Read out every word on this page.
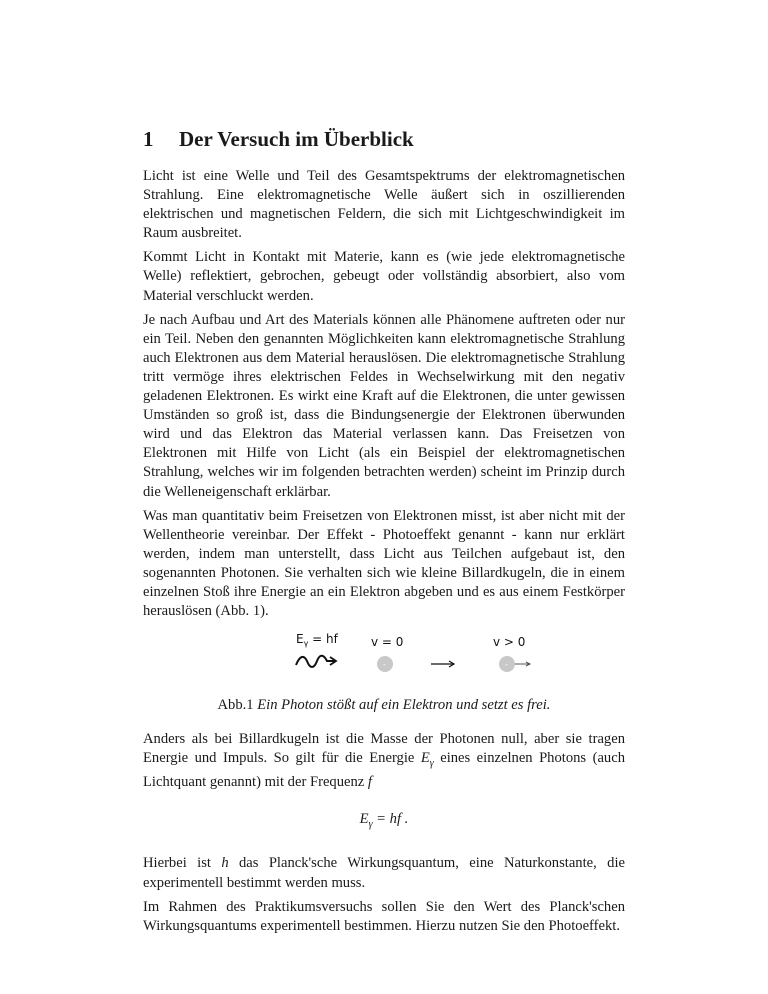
1 Der Versuch im Überblick

Licht ist eine Welle und Teil des Gesamtspektrums der elektromagnetischen Strahlung. Eine elektromagnetische Welle äußert sich in oszillierenden elektrischen und magnetischen Feldern, die sich mit Lichtgeschwindigkeit im Raum ausbreitet.

Kommt Licht in Kontakt mit Materie, kann es (wie jede elektromagnetische Welle) reflektiert, gebrochen, gebeugt oder vollständig absorbiert, also vom Material verschluckt werden.

Je nach Aufbau und Art des Materials können alle Phänomene auftreten oder nur ein Teil. Neben den genannten Möglichkeiten kann elektromagnetische Strahlung auch Elektronen aus dem Material herauslösen. Die elektromagnetische Strahlung tritt vermöge ihres elektrischen Feldes in Wechselwirkung mit den negativ geladenen Elektronen. Es wirkt eine Kraft auf die Elektronen, die unter gewissen Umständen so groß ist, dass die Bindungsenergie der Elektronen überwunden wird und das Elektron das Material verlassen kann. Das Freisetzen von Elektronen mit Hilfe von Licht (als ein Beispiel der elektromagnetischen Strahlung, welches wir im folgenden betrachten werden) scheint im Prinzip durch die Welleneigenschaft erklärbar.

Was man quantitativ beim Freisetzen von Elektronen misst, ist aber nicht mit der Wellentheorie vereinbar. Der Effekt - Photoeffekt genannt - kann nur erklärt werden, indem man unterstellt, dass Licht aus Teilchen aufgebaut ist, den sogenannten Photonen. Sie verhalten sich wie kleine Billardkugeln, die in einem einzelnen Stoß ihre Energie an ein Elektron abgeben und es aus einem Festkörper herauslösen (Abb. 1).

$E_\gamma$ = hf	v = 0
-
v > 0
-
Abb.1 Ein Photon stößt auf ein Elektron und setzt es frei.

Anders als bei Billardkugeln ist die Masse der Photonen null, aber sie tragen Energie und Impuls. So gilt für die Energie $E_\gamma$ eines einzelnen Photons (auch Lichtquant genannt) mit der Frequenz f

$E_\gamma$ = hf .

Hierbei ist h das Planck'sche Wirkungsquantum, eine Naturkonstante, die experimentell bestimmt werden muss.

Im Rahmen des Praktikumsversuchs sollen Sie den Wert des Planck'schen Wirkungsquantums experimentell bestimmen. Hierzu nutzen Sie den Photoeffekt.
